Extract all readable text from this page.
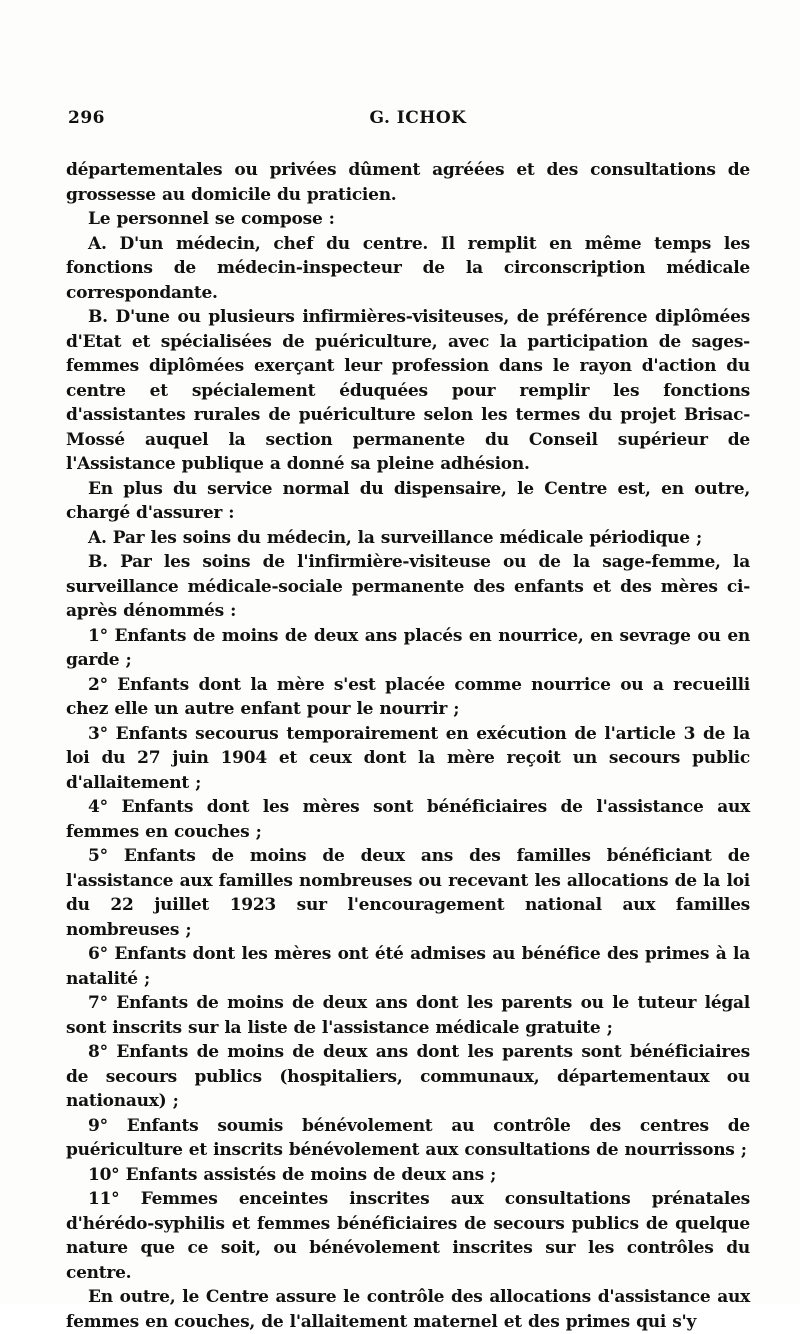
296	G. ICHOK

départementales ou privées dûment agréées et des consultations de grossesse au domicile du praticien.

Le personnel se compose :

A. D'un médecin, chef du centre. Il remplit en même temps les fonctions de médecin-inspecteur de la circonscription médicale correspondante.

B. D'une ou plusieurs infirmières-visiteuses, de préférence diplômées d'Etat et spécialisées de puériculture, avec la participation de sages-femmes diplômées exerçant leur profession dans le rayon d'action du centre et spécialement éduquées pour remplir les fonctions d'assistantes rurales de puériculture selon les termes du projet Brisac-Mossé auquel la section permanente du Conseil supérieur de l'Assistance publique a donné sa pleine adhésion.

En plus du service normal du dispensaire, le Centre est, en outre, chargé d'assurer :

A. Par les soins du médecin, la surveillance médicale périodique ;

B. Par les soins de l'infirmière-visiteuse ou de la sage-femme, la surveillance médicale-sociale permanente des enfants et des mères ci-après dénommés :

1° Enfants de moins de deux ans placés en nourrice, en sevrage ou en garde ;

2° Enfants dont la mère s'est placée comme nourrice ou a recueilli chez elle un autre enfant pour le nourrir ;

3° Enfants secourus temporairement en exécution de l'article 3 de la loi du 27 juin 1904 et ceux dont la mère reçoit un secours public d'allaitement ;

4° Enfants dont les mères sont bénéficiaires de l'assistance aux femmes en couches ;

5° Enfants de moins de deux ans des familles bénéficiant de l'assistance aux familles nombreuses ou recevant les allocations de la loi du 22 juillet 1923 sur l'encouragement national aux familles nombreuses ;

6° Enfants dont les mères ont été admises au bénéfice des primes à la natalité ;

7° Enfants de moins de deux ans dont les parents ou le tuteur légal sont inscrits sur la liste de l'assistance médicale gratuite ;

8° Enfants de moins de deux ans dont les parents sont bénéficiaires de secours publics (hospitaliers, communaux, départementaux ou nationaux) ;

9° Enfants soumis bénévolement au contrôle des centres de puériculture et inscrits bénévolement aux consultations de nourrissons ;

10° Enfants assistés de moins de deux ans ;

11° Femmes enceintes inscrites aux consultations prénatales d'hérédo-syphilis et femmes bénéficiaires de secours publics de quelque nature que ce soit, ou bénévolement inscrites sur les contrôles du centre.

En outre, le Centre assure le contrôle des allocations d'assistance aux femmes en couches, de l'allaitement maternel et des primes qui s'y
